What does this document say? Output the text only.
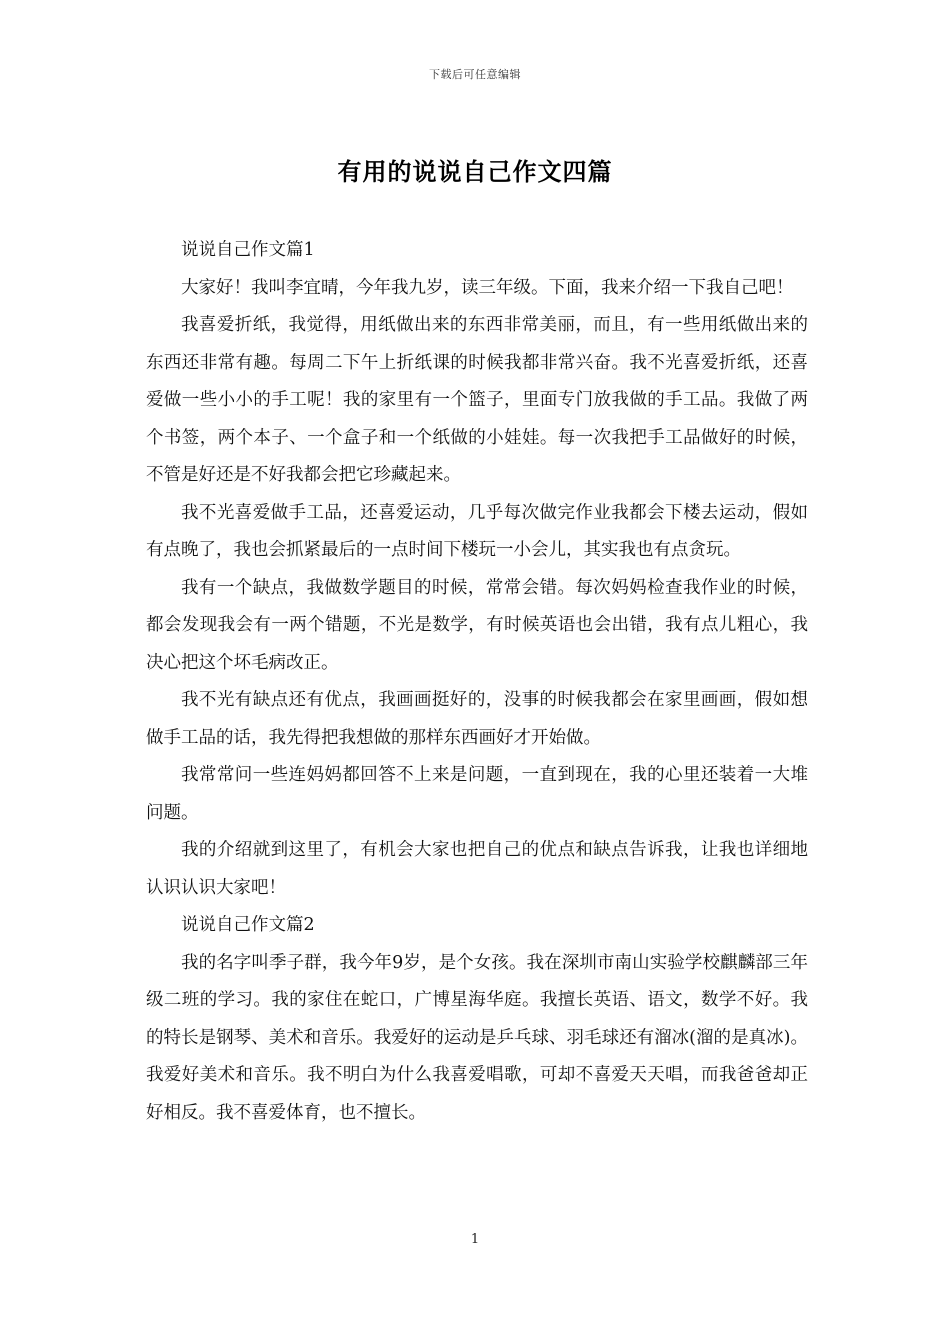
下载后可任意编辑
有用的说说自己作文四篇

说说自己作文篇1

大家好！我叫李宜晴，今年我九岁，读三年级。下面，我来介绍一下我自己吧！

我喜爱折纸，我觉得，用纸做出来的东西非常美丽，而且，有一些用纸做出来的东西还非常有趣。每周二下午上折纸课的时候我都非常兴奋。我不光喜爱折纸，还喜爱做一些小小的手工呢！我的家里有一个篮子，里面专门放我做的手工品。我做了两个书签，两个本子、一个盒子和一个纸做的小娃娃。每一次我把手工品做好的时候，不管是好还是不好我都会把它珍藏起来。

我不光喜爱做手工品，还喜爱运动，几乎每次做完作业我都会下楼去运动，假如有点晚了，我也会抓紧最后的一点时间下楼玩一小会儿，其实我也有点贪玩。

我有一个缺点，我做数学题目的时候，常常会错。每次妈妈检查我作业的时候，都会发现我会有一两个错题，不光是数学，有时候英语也会出错，我有点儿粗心，我决心把这个坏毛病改正。

我不光有缺点还有优点，我画画挺好的，没事的时候我都会在家里画画，假如想做手工品的话，我先得把我想做的那样东西画好才开始做。

我常常问一些连妈妈都回答不上来是问题，一直到现在，我的心里还装着一大堆问题。

我的介绍就到这里了，有机会大家也把自己的优点和缺点告诉我，让我也详细地认识认识大家吧！

说说自己作文篇2

我的名字叫季子群，我今年9岁，是个女孩。我在深圳市南山实验学校麒麟部三年级二班的学习。我的家住在蛇口，广博星海华庭。我擅长英语、语文，数学不好。我的特长是钢琴、美术和音乐。我爱好的运动是乒乓球、羽毛球还有溜冰(溜的是真冰)。我爱好美术和音乐。我不明白为什么我喜爱唱歌，可却不喜爱天天唱，而我爸爸却正好相反。我不喜爱体育，也不擅长。

1
